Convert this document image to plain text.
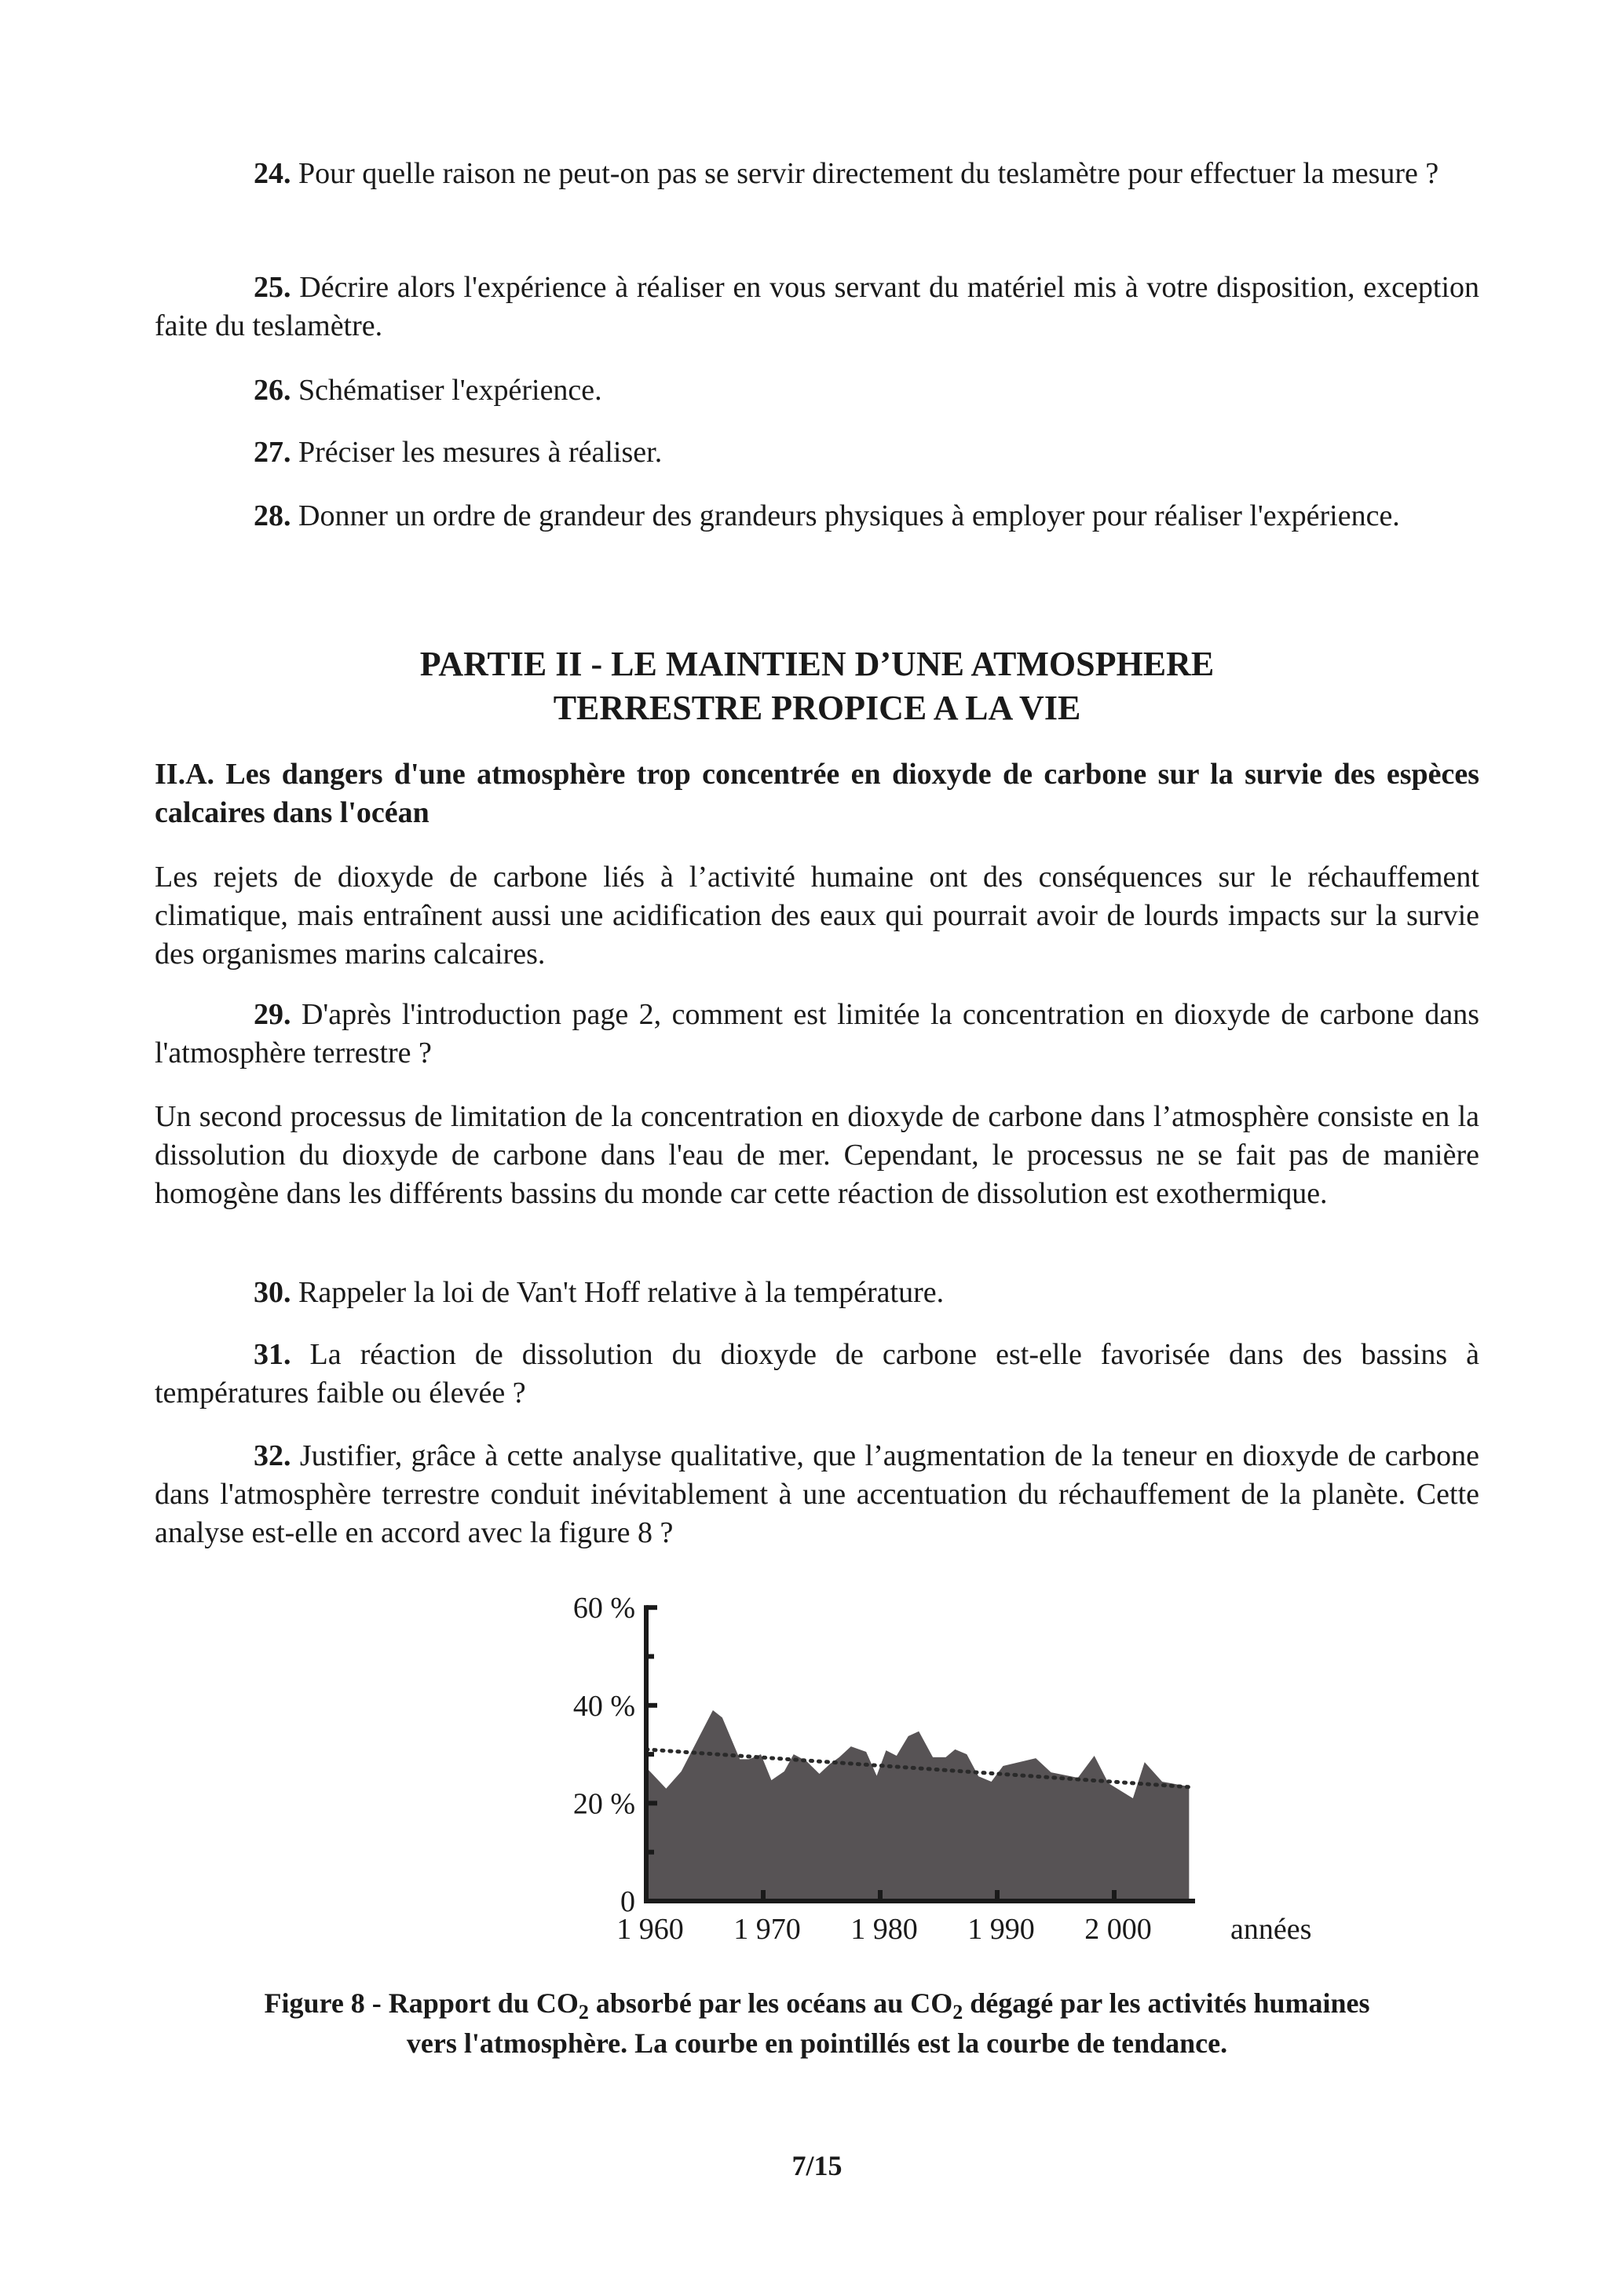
24. Pour quelle raison ne peut-on pas se servir directement du teslamètre pour effectuer la mesure ?
25. Décrire alors l'expérience à réaliser en vous servant du matériel mis à votre disposition, exception faite du teslamètre.
26. Schématiser l'expérience.
27. Préciser les mesures à réaliser.
28. Donner un ordre de grandeur des grandeurs physiques à employer pour réaliser l'expérience.
PARTIE II - LE MAINTIEN D’UNE ATMOSPHERE
TERRESTRE PROPICE A LA VIE
II.A. Les dangers d'une atmosphère trop concentrée en dioxyde de carbone sur la survie des espèces calcaires dans l'océan
Les rejets de dioxyde de carbone liés à l’activité humaine ont des conséquences sur le réchauffement climatique, mais entraînent aussi une acidification des eaux qui pourrait avoir de lourds impacts sur la survie des organismes marins calcaires.
29. D'après l'introduction page 2, comment est limitée la concentration en dioxyde de carbone dans l'atmosphère terrestre ?
Un second processus de limitation de la concentration en dioxyde de carbone dans l’atmosphère consiste en la dissolution du dioxyde de carbone dans l'eau de mer. Cependant, le processus ne se fait pas de manière homogène dans les différents bassins du monde car cette réaction de dissolution est exothermique.
30. Rappeler la loi de Van't Hoff relative à la température.
31. La réaction de dissolution du dioxyde de carbone est-elle favorisée dans des bassins à températures faible ou élevée ?
32. Justifier, grâce à cette analyse qualitative, que l’augmentation de la teneur en dioxyde de carbone dans l'atmosphère terrestre conduit inévitablement à une accentuation du réchauffement de la planète. Cette analyse est-elle en accord avec la figure 8 ?
0
20 %
40 %
60 %
1 960 1 970 1 980 1 990 2 000	années
Figure 8 - Rapport du $CO_2$ absorbé par les océans au $CO_2$ dégagé par les activités humaines
vers l'atmosphère. La courbe en pointillés est la courbe de tendance.
7/15
